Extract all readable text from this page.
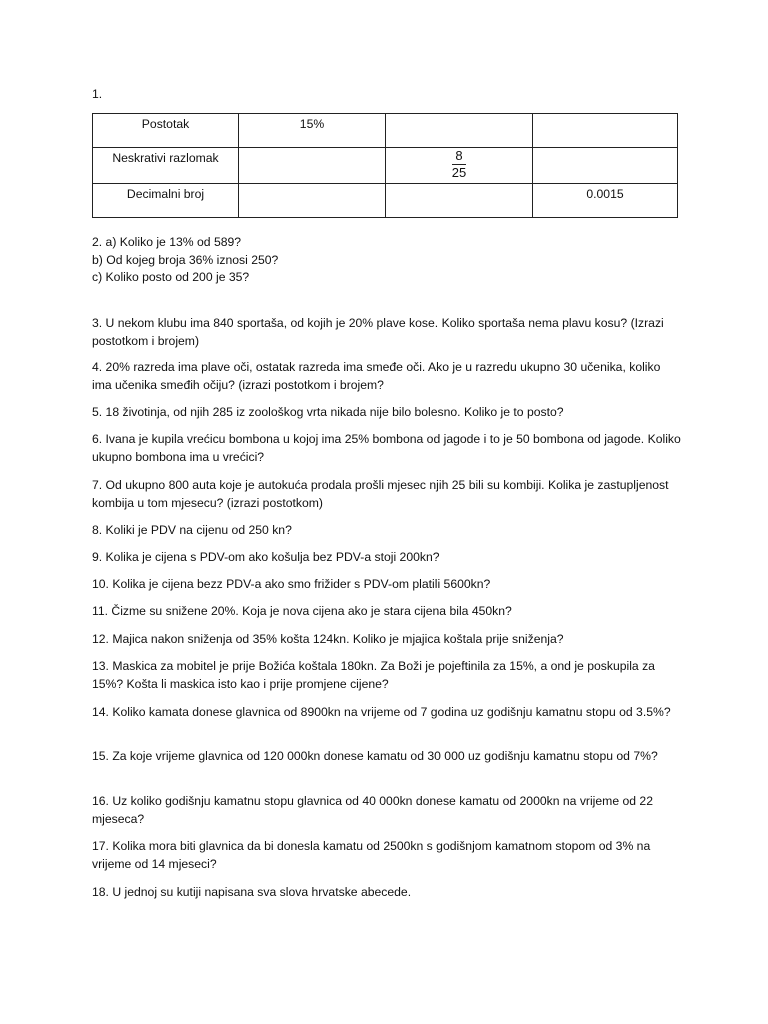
1.
Postotak	15%		
Neskrativi razlomak		$\frac{8}{25}$

Decimalni broj			0.0015

2. a) Koliko je 13% od 589?

b) Od kojeg broja 36% iznosi 250?

c) Koliko posto od 200 je 35?

3. U nekom klubu ima 840 sportaša, od kojih je 20% plave kose. Koliko sportaša nema plavu kosu? (Izrazi postotkom i brojem)

4. 20% razreda ima plave oči, ostatak razreda ima smeđe oči. Ako je u razredu ukupno 30 učenika, koliko ima učenika smeđih očiju? (izrazi postotkom i brojem?

5. 18 životinja, od njih 285 iz zoološkog vrta nikada nije bilo bolesno. Koliko je to posto?

6. Ivana je kupila vrećicu bombona u kojoj ima 25% bombona od jagode i to je 50 bombona od jagode. Koliko ukupno bombona ima u vrećici?

7. Od ukupno 800 auta koje je autokuća prodala prošli mjesec njih 25 bili su kombiji. Kolika je zastupljenost kombija u tom mjesecu? (izrazi postotkom)

8. Koliki je PDV na cijenu od 250 kn?

9. Kolika je cijena s PDV-om ako košulja bez PDV-a stoji 200kn?

10. Kolika je cijena bezz PDV-a ako smo frižider s PDV-om platili 5600kn?

11. Čizme su snižene 20%. Koja je nova cijena ako je stara cijena bila 450kn?

12. Majica nakon sniženja od 35% košta 124kn. Koliko je mjajica koštala prije sniženja?

13. Maskica za mobitel je prije Božića koštala 180kn. Za Boži je pojeftinila za 15%, a ond je poskupila za 15%? Košta li maskica isto kao i prije promjene cijene?

14. Koliko kamata donese glavnica od 8900kn na vrijeme od 7 godina uz godišnju kamatnu stopu od 3.5%?

15. Za koje vrijeme glavnica od 120 000kn donese kamatu od 30 000 uz godišnju kamatnu stopu od 7%?

16. Uz koliko godišnju kamatnu stopu glavnica od 40 000kn donese kamatu od 2000kn na vrijeme od 22 mjeseca?

17. Kolika mora biti glavnica da bi donesla kamatu od 2500kn s godišnjom kamatnom stopom od 3% na vrijeme od 14 mjeseci?

18. U jednoj su kutiji napisana sva slova hrvatske abecede.
